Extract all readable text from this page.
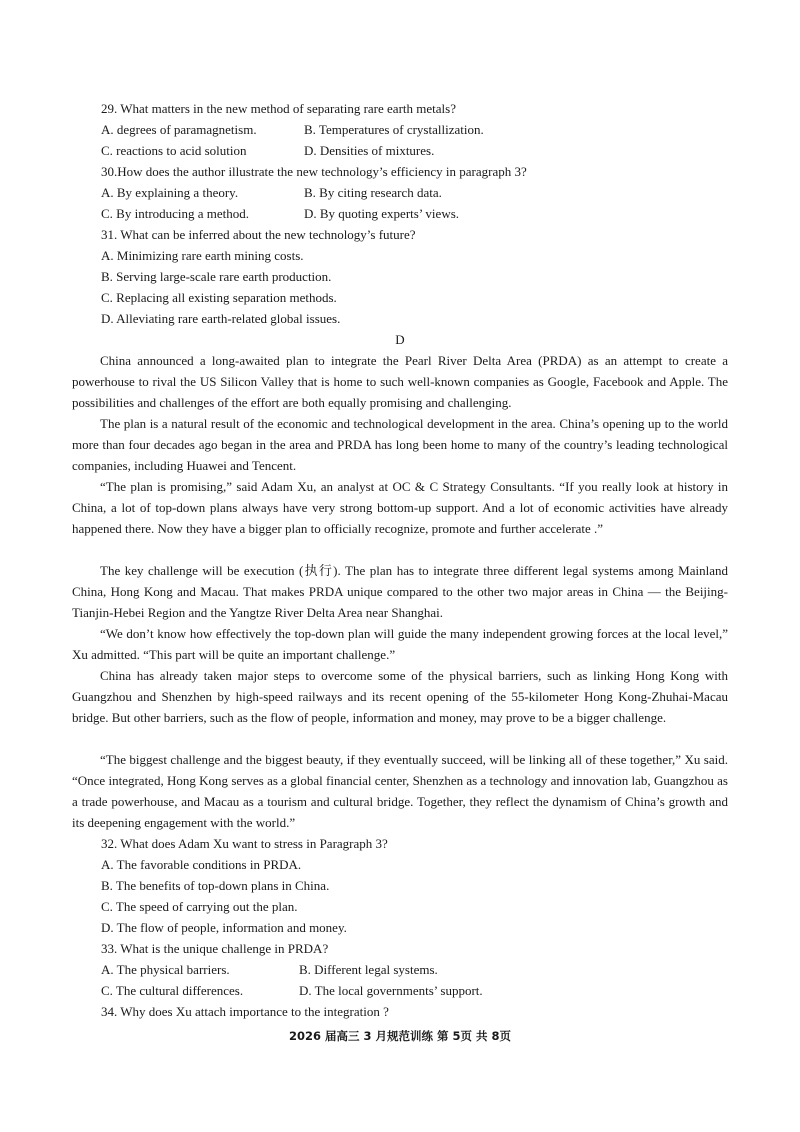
29. What matters in the new method of separating rare earth metals?
A. degrees of paramagnetism.	B. Temperatures of crystallization.
C. reactions to acid solution	D. Densities of mixtures.
30.How does the author illustrate the new technology’s efficiency in paragraph 3?
A. By explaining a theory.	B. By citing research data.
C. By introducing a method.	D. By quoting experts’ views.
31. What can be inferred about the new technology’s future?
A. Minimizing rare earth mining costs.
B. Serving large-scale rare earth production.
C. Replacing all existing separation methods.
D. Alleviating rare earth-related global issues.
D
China announced a long-awaited plan to integrate the Pearl River Delta Area (PRDA) as an attempt to create a powerhouse to rival the US Silicon Valley that is home to such well-known companies as Google, Facebook and Apple. The possibilities and challenges of the effort are both equally promising and challenging.
The plan is a natural result of the economic and technological development in the area. China’s opening up to the world more than four decades ago began in the area and PRDA has long been home to many of the country’s leading technological companies, including Huawei and Tencent.
“The plan is promising,” said Adam Xu, an analyst at OC & C Strategy Consultants. “If you really look at history in China, a lot of top-down plans always have very strong bottom-up support. And a lot of economic activities have already happened there. Now they have a bigger plan to officially recognize, promote and further accelerate .”
The key challenge will be execution (执行). The plan has to integrate three different legal systems among Mainland China, Hong Kong and Macau. That makes PRDA unique compared to the other two major areas in China — the Beijing-Tianjin-Hebei Region and the Yangtze River Delta Area near Shanghai.
“We don’t know how effectively the top-down plan will guide the many independent growing forces at the local level,” Xu admitted. “This part will be quite an important challenge.”
China has already taken major steps to overcome some of the physical barriers, such as linking Hong Kong with Guangzhou and Shenzhen by high-speed railways and its recent opening of the 55-kilometer Hong Kong-Zhuhai-Macau bridge. But other barriers, such as the flow of people, information and money, may prove to be a bigger challenge.
“The biggest challenge and the biggest beauty, if they eventually succeed, will be linking all of these together,” Xu said. “Once integrated, Hong Kong serves as a global financial center, Shenzhen as a technology and innovation lab, Guangzhou as a trade powerhouse, and Macau as a tourism and cultural bridge. Together, they reflect the dynamism of China’s growth and its deepening engagement with the world.”
32. What does Adam Xu want to stress in Paragraph 3?
A. The favorable conditions in PRDA.
B. The benefits of top-down plans in China.
C. The speed of carrying out the plan.
D. The flow of people, information and money.
33. What is the unique challenge in PRDA?
A. The physical barriers.	B. Different legal systems.
C. The cultural differences.	D. The local governments’ support.
34. Why does Xu attach importance to the integration ?
2026 届高三 3 月规范训练 第 5页 共 8页
